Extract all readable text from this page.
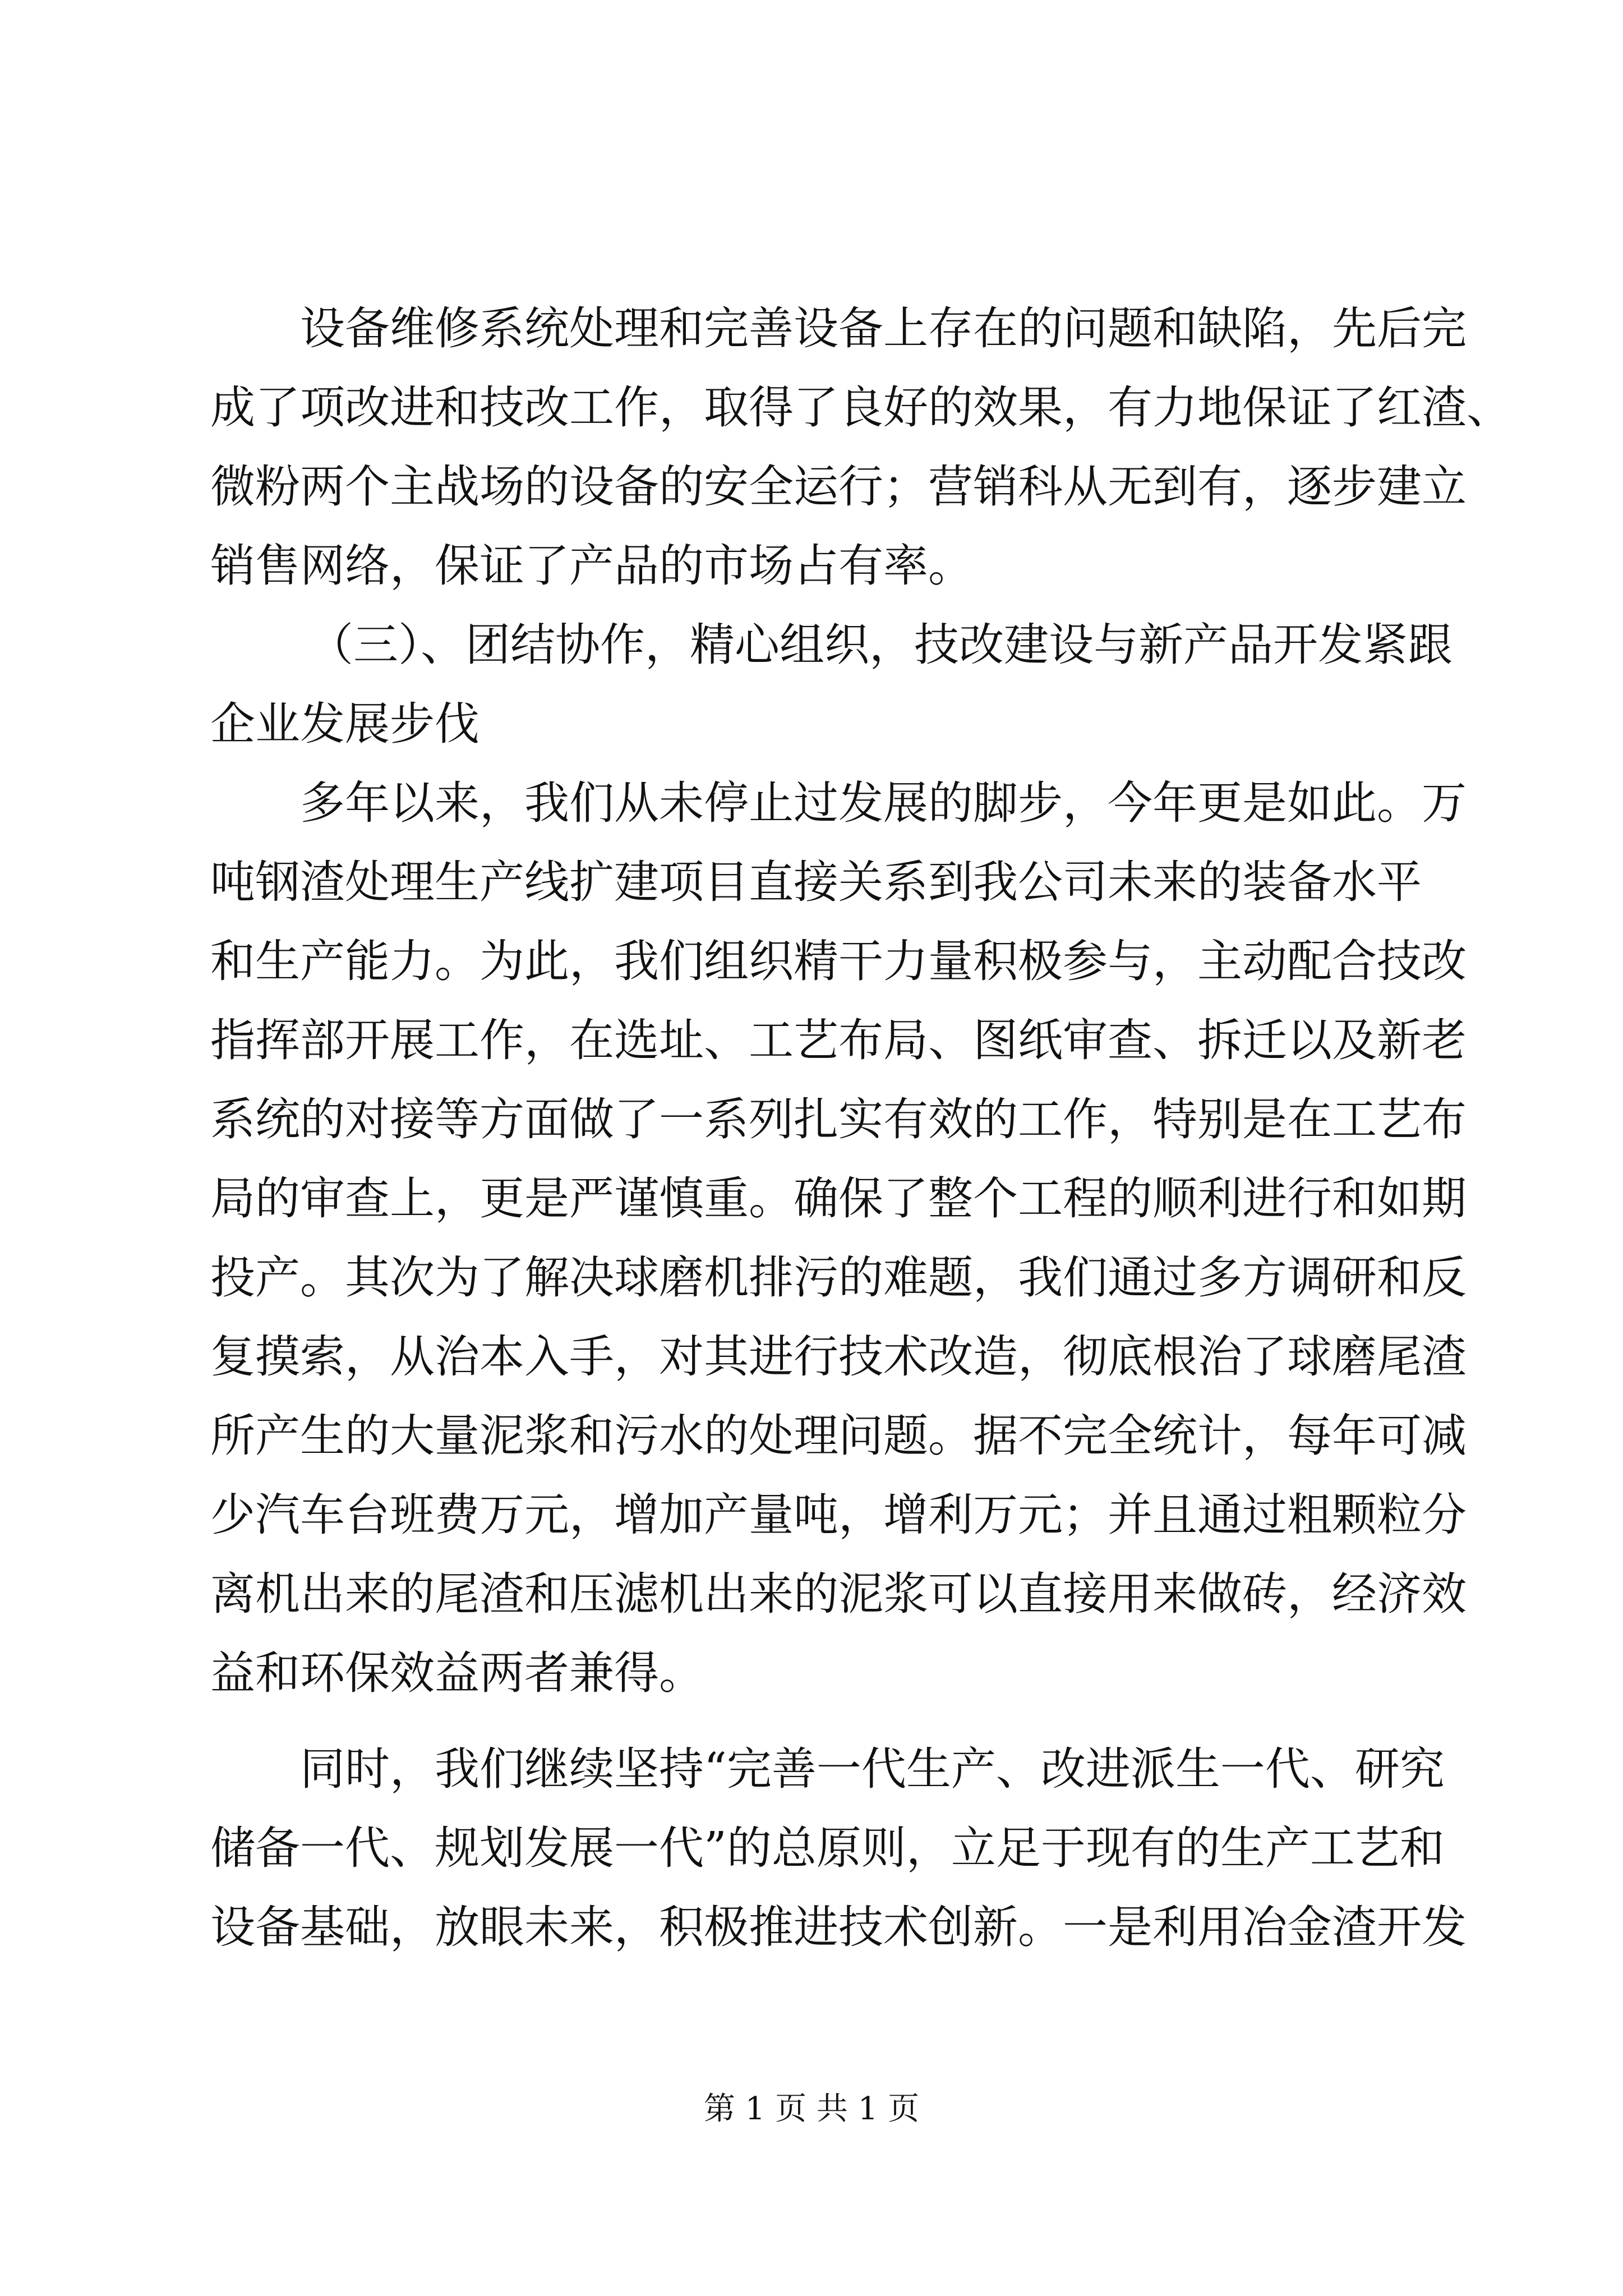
设备维修系统处理和完善设备上存在的问题和缺陷，先后完
成了项改进和技改工作，取得了良好的效果，有力地保证了红渣、
微粉两个主战场的设备的安全运行；营销科从无到有，逐步建立
销售网络，保证了产品的市场占有率。
（三）、团结协作，精心组织，技改建设与新产品开发紧跟
企业发展步伐
多年以来，我们从未停止过发展的脚步，今年更是如此。万
吨钢渣处理生产线扩建项目直接关系到我公司未来的装备水平
和生产能力。为此，我们组织精干力量积极参与，主动配合技改
指挥部开展工作，在选址、工艺布局、图纸审查、拆迁以及新老
系统的对接等方面做了一系列扎实有效的工作，特别是在工艺布
局的审查上，更是严谨慎重。确保了整个工程的顺利进行和如期
投产。其次为了解决球磨机排污的难题，我们通过多方调研和反
复摸索，从治本入手，对其进行技术改造，彻底根治了球磨尾渣
所产生的大量泥浆和污水的处理问题。据不完全统计，每年可减
少汽车台班费万元，增加产量吨，增利万元；并且通过粗颗粒分
离机出来的尾渣和压滤机出来的泥浆可以直接用来做砖，经济效
益和环保效益两者兼得。
同时，我们继续坚持“完善一代生产、改进派生一代、研究
储备一代、规划发展一代”的总原则，立足于现有的生产工艺和
设备基础，放眼未来，积极推进技术创新。一是利用冶金渣开发
第 1 页 共 1 页
